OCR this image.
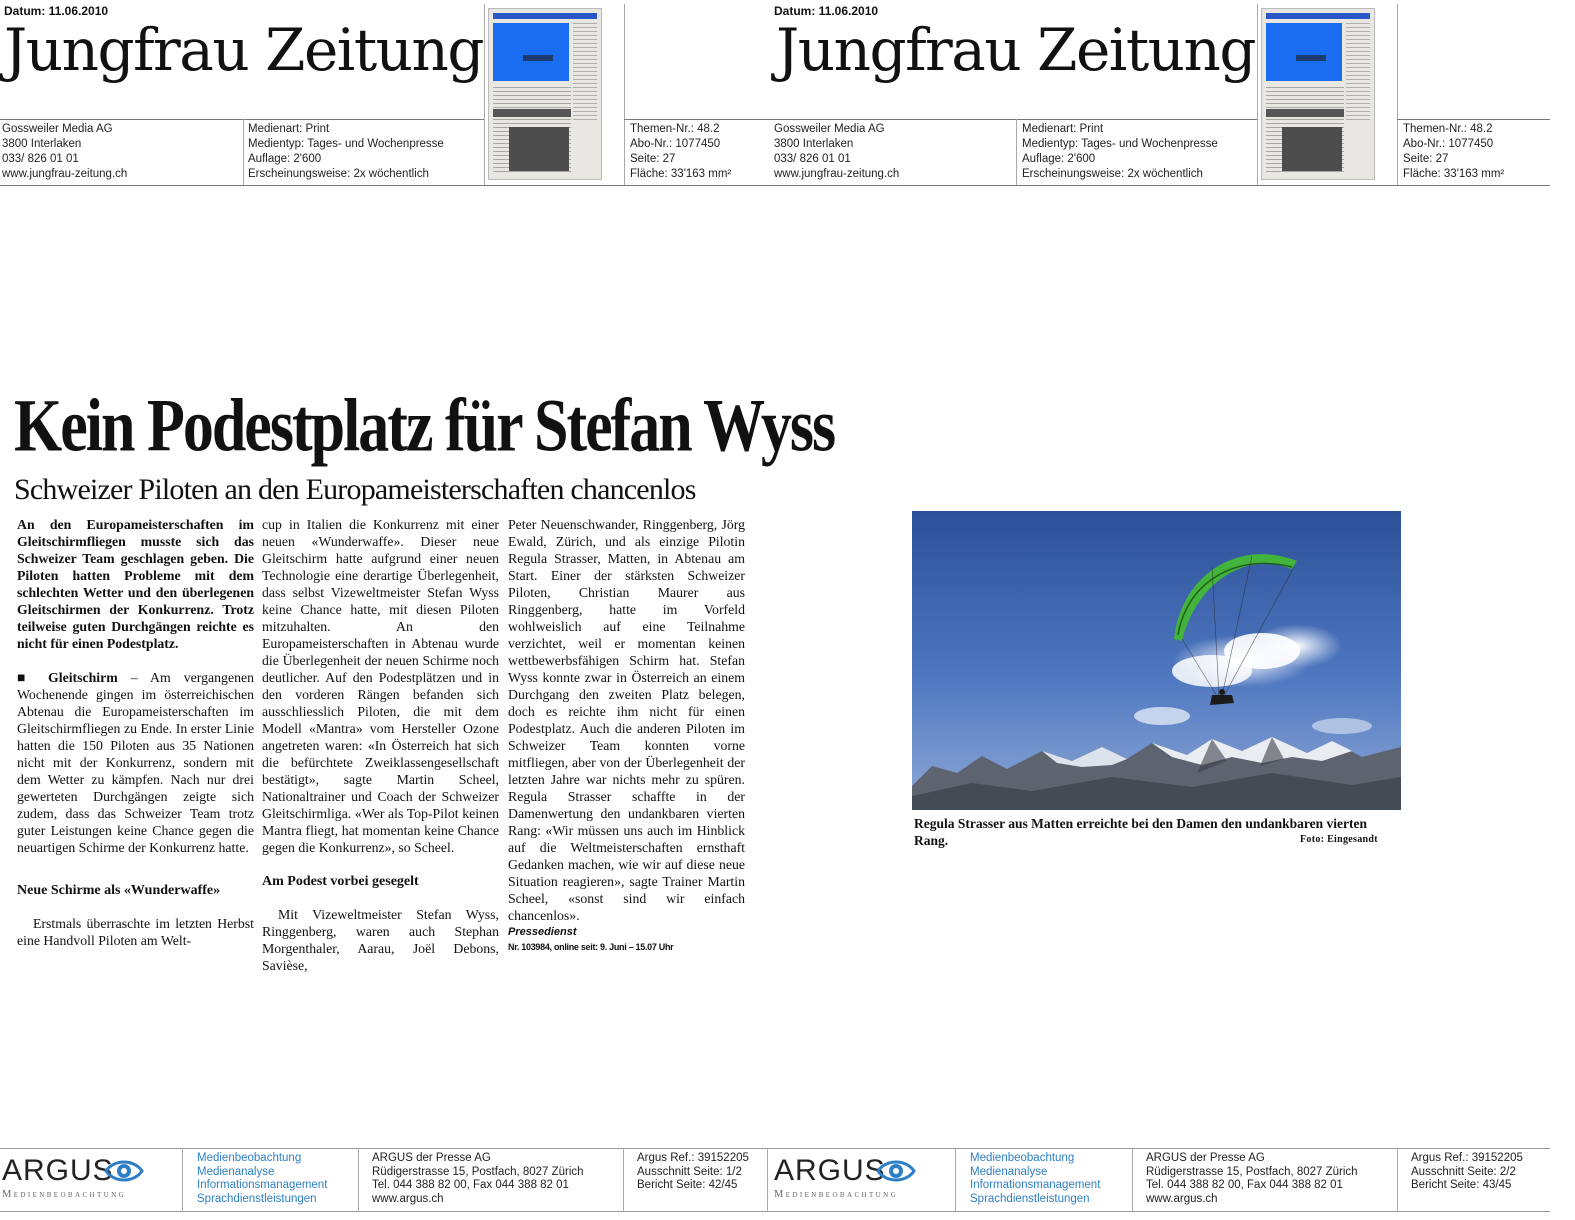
Datum: 11.06.2010
Jungfrau Zeitung
Gossweiler Media AG
3800 Interlaken
033/ 826 01 01
www.jungfrau-zeitung.ch
Medienart: Print
Medientyp: Tages- und Wochenpresse
Auflage: 2'600
Erscheinungsweise: 2x wöchentlich
Themen-Nr.: 48.2
Abo-Nr.: 1077450
Seite: 27
Fläche: 33'163 mm²
Datum: 11.06.2010
Jungfrau Zeitung
Gossweiler Media AG
3800 Interlaken
033/ 826 01 01
www.jungfrau-zeitung.ch
Medienart: Print
Medientyp: Tages- und Wochenpresse
Auflage: 2'600
Erscheinungsweise: 2x wöchentlich
Themen-Nr.: 48.2
Abo-Nr.: 1077450
Seite: 27
Fläche: 33'163 mm²
Kein Podestplatz für Stefan Wyss
Schweizer Piloten an den Europameisterschaften chancenlos

An den Europameisterschaften im Gleitschirmfliegen musste sich das Schweizer Team geschlagen geben. Die Piloten hatten Probleme mit dem schlechten Wetter und den überlegenen Gleitschirmen der Konkurrenz. Trotz teilweise guten Durchgängen reichte es nicht für einen Podestplatz.

■ Gleitschirm – Am vergangenen Wochenende gingen im österreichischen Abtenau die Europameisterschaften im Gleitschirmfliegen zu Ende. In erster Linie hatten die 150 Piloten aus 35 Nationen nicht mit der Konkurrenz, sondern mit dem Wetter zu kämpfen. Nach nur drei gewerteten Durchgängen zeigte sich zudem, dass das Schweizer Team trotz guter Leistungen keine Chance gegen die neuartigen Schirme der Konkurrenz hatte.

Neue Schirme als «Wunderwaffe»

Erstmals überraschte im letzten Herbst eine Handvoll Piloten am Welt-

cup in Italien die Konkurrenz mit einer neuen «Wunderwaffe». Dieser neue Gleitschirm hatte aufgrund einer neuen Technologie eine derartige Überlegenheit, dass selbst Vizeweltmeister Stefan Wyss keine Chance hatte, mit diesen Piloten mitzuhalten. An den Europameisterschaften in Abtenau wurde die Überlegenheit der neuen Schirme noch deutlicher. Auf den Podestplätzen und in den vorderen Rängen befanden sich ausschliesslich Piloten, die mit dem Modell «Mantra» vom Hersteller Ozone angetreten waren: «In Österreich hat sich die befürchtete Zweiklassengesellschaft bestätigt», sagte Martin Scheel, Nationaltrainer und Coach der Schweizer Gleitschirmliga. «Wer als Top-Pilot keinen Mantra fliegt, hat momentan keine Chance gegen die Konkurrenz», so Scheel.

Am Podest vorbei gesegelt

Mit Vizeweltmeister Stefan Wyss, Ringgenberg, waren auch Stephan Morgenthaler, Aarau, Joël Debons, Savièse,

Peter Neuenschwander, Ringgenberg, Jörg Ewald, Zürich, und als einzige Pilotin Regula Strasser, Matten, in Abtenau am Start. Einer der stärksten Schweizer Piloten, Christian Maurer aus Ringgenberg, hatte im Vorfeld wohlweislich auf eine Teilnahme verzichtet, weil er momentan keinen wettbewerbsfähigen Schirm hat. Stefan Wyss konnte zwar in Österreich an einem Durchgang den zweiten Platz belegen, doch es reichte ihm nicht für einen Podestplatz. Auch die anderen Piloten im Schweizer Team konnten vorne mitfliegen, aber von der Überlegenheit der letzten Jahre war nichts mehr zu spüren. Regula Strasser schaffte in der Damenwertung den undankbaren vierten Rang: «Wir müssen uns auch im Hinblick auf die Weltmeisterschaften ernsthaft Gedanken machen, wie wir auf diese neue Situation reagieren», sagte Trainer Martin Scheel, «sonst sind wir einfach chancenlos».

Pressedienst
Nr. 103984, online seit: 9. Juni – 15.07 Uhr
Regula Strasser aus Matten erreichte bei den Damen den undankbaren vierten Rang.	Foto: Eingesandt
ARGUS
Medienbeobachtung
Medienbeobachtung
Medienanalyse
Informationsmanagement
Sprachdienstleistungen
ARGUS der Presse AG
Rüdigerstrasse 15, Postfach, 8027 Zürich
Tel. 044 388 82 00, Fax 044 388 82 01
www.argus.ch
Argus Ref.: 39152205
Ausschnitt Seite: 1/2
Bericht Seite: 42/45	ARGUS
Medienbeobachtung
Medienbeobachtung
Medienanalyse
Informationsmanagement
Sprachdienstleistungen
ARGUS der Presse AG
Rüdigerstrasse 15, Postfach, 8027 Zürich
Tel. 044 388 82 00, Fax 044 388 82 01
www.argus.ch
Argus Ref.: 39152205
Ausschnitt Seite: 2/2
Bericht Seite: 43/45
